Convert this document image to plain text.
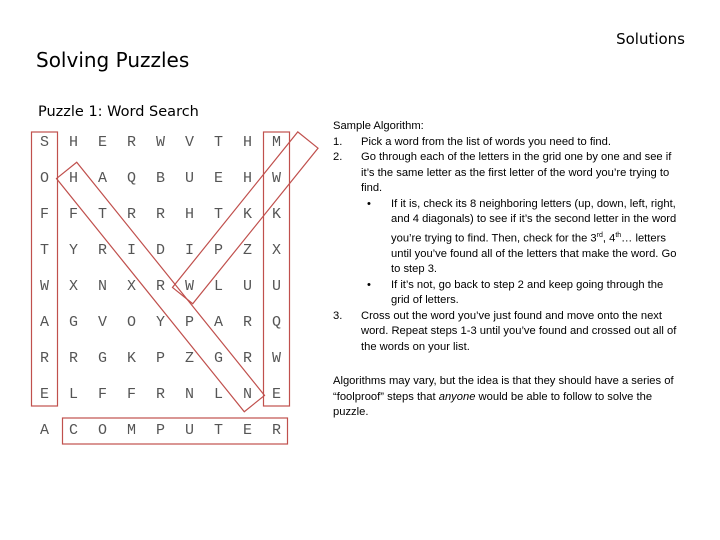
Solutions
Solving Puzzles
Puzzle 1: Word Search
S	H	E	R	W	V	T	H	M
O	H	A	Q	B	U	E	H	W
F	F	T	R	R	H	T	K	K
T	Y	R	I	D	I	P	Z	X
W	X	N	X	R	W	L	U	U
A	G	V	O	Y	P	A	R	Q
R	R	G	K	P	Z	G	R	W
E	L	F	F	R	N	L	N	E
A	C	O	M	P	U	T	E	R

Sample Algorithm:

1.	Pick a word from the list of words you need to find.

2.	Go through each of the letters in the grid one by one and see if it’s the same letter as the first letter of the word you’re trying to find.

• If it is, check its 8 neighboring letters (up, down, left, right, and 4 diagonals) to see if it’s the second letter in the word you’re trying to find. Then, check for the 3rd, 4th… letters until you’ve found all of the letters that make the word. Go to step 3.

• If it’s not, go back to step 2 and keep going through the grid of letters.

3.	Cross out the word you’ve just found and move onto the next word. Repeat steps 1-3 until you’ve found and crossed out all of the words on your list.

Algorithms may vary, but the idea is that they should have a series of “foolproof” steps that anyone would be able to follow to solve the puzzle.
